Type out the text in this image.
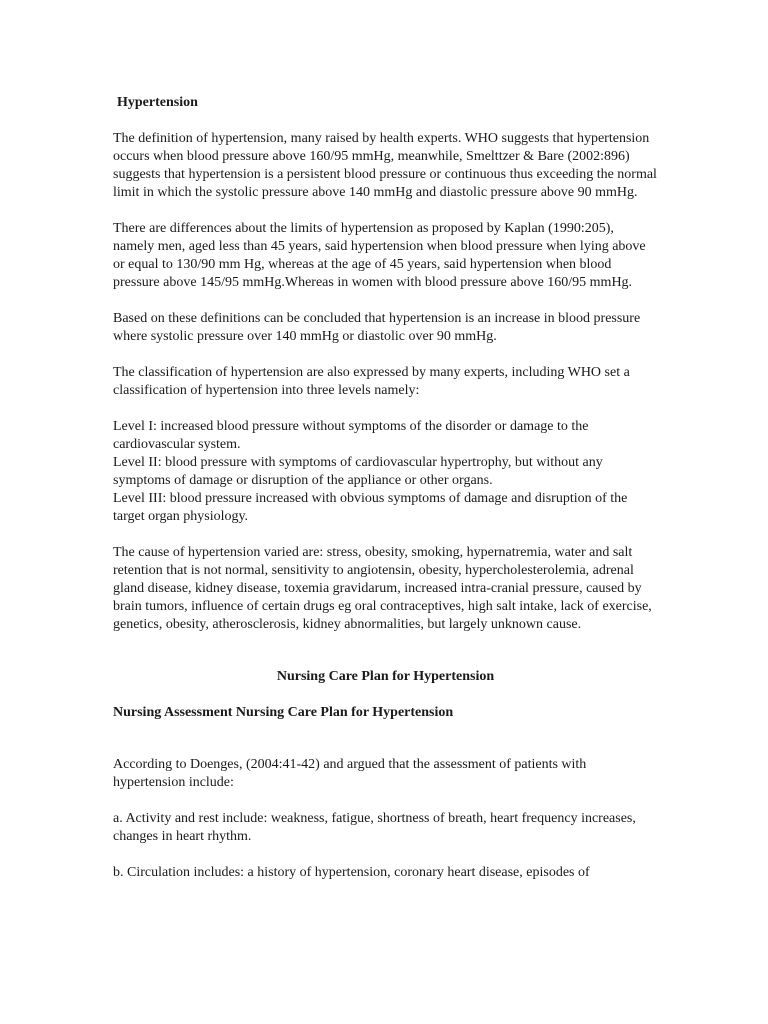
Hypertension

The definition of hypertension, many raised by health experts. WHO suggests that hypertension occurs when blood pressure above 160/95 mmHg, meanwhile, Smelttzer & Bare (2002:896) suggests that hypertension is a persistent blood pressure or continuous thus exceeding the normal limit in which the systolic pressure above 140 mmHg and diastolic pressure above 90 mmHg.

There are differences about the limits of hypertension as proposed by Kaplan (1990:205), namely men, aged less than 45 years, said hypertension when blood pressure when lying above or equal to 130/90 mm Hg, whereas at the age of 45 years, said hypertension when blood pressure above 145/95 mmHg.Whereas in women with blood pressure above 160/95 mmHg.

Based on these definitions can be concluded that hypertension is an increase in blood pressure where systolic pressure over 140 mmHg or diastolic over 90 mmHg.

The classification of hypertension are also expressed by many experts, including WHO set a classification of hypertension into three levels namely:

Level I: increased blood pressure without symptoms of the disorder or damage to the cardiovascular system.

Level II: blood pressure with symptoms of cardiovascular hypertrophy, but without any symptoms of damage or disruption of the appliance or other organs.

Level III: blood pressure increased with obvious symptoms of damage and disruption of the target organ physiology.

The cause of hypertension varied are: stress, obesity, smoking, hypernatremia, water and salt retention that is not normal, sensitivity to angiotensin, obesity, hypercholesterolemia, adrenal gland disease, kidney disease, toxemia gravidarum, increased intra-cranial pressure, caused by brain tumors, influence of certain drugs eg oral contraceptives, high salt intake, lack of exercise, genetics, obesity, atherosclerosis, kidney abnormalities, but largely unknown cause.

Nursing Care Plan for Hypertension
Nursing Assessment Nursing Care Plan for Hypertension

According to Doenges, (2004:41-42) and argued that the assessment of patients with hypertension include:

a. Activity and rest include: weakness, fatigue, shortness of breath, heart frequency increases, changes in heart rhythm.

b. Circulation includes: a history of hypertension, coronary heart disease, episodes of
